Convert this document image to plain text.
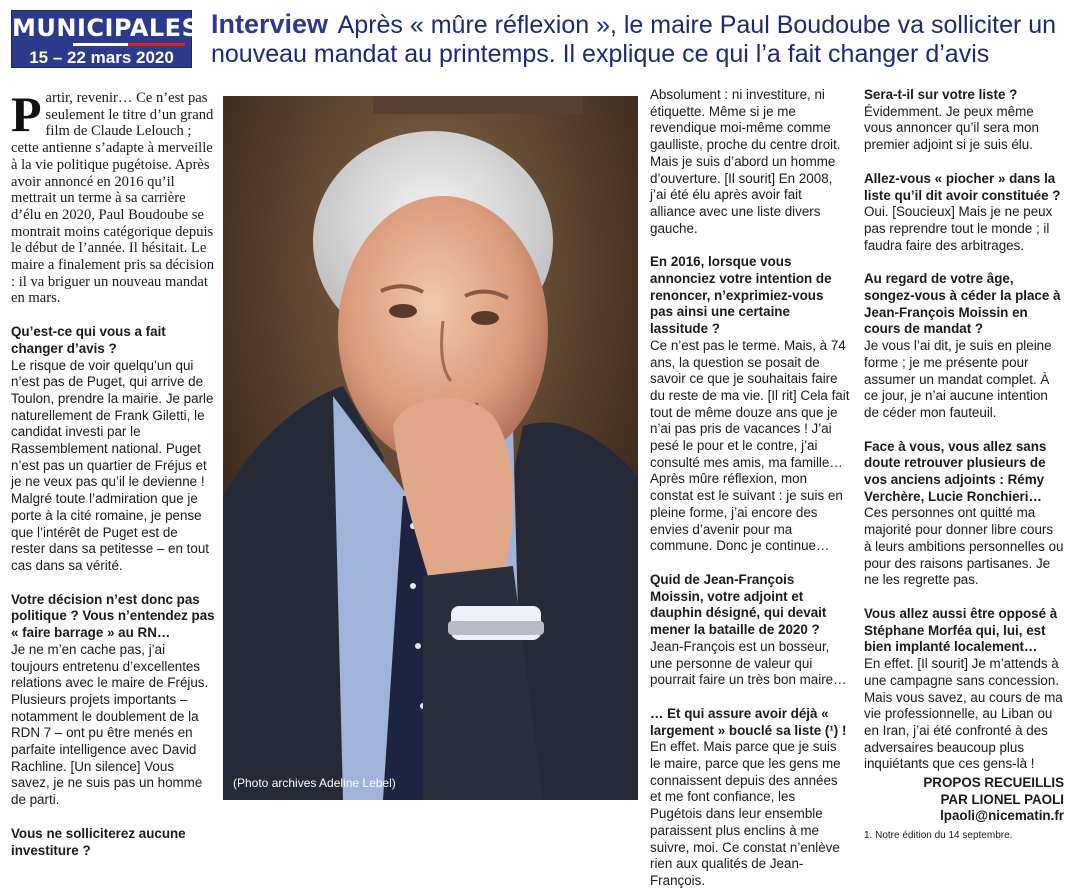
MUNICIPALES
15 – 22 mars 2020
Interview Après « mûre réflexion », le maire Paul Boudoube va solliciter un nouveau mandat au printemps. Il explique ce qui l’a fait changer d’avis

Partir, revenir… Ce n’est pas seulement le titre d’un grand film de Claude Lelouch ; cette antienne s’adapte à merveille à la vie politique pugétoise. Après avoir annoncé en 2016 qu’il mettrait un terme à sa carrière d’élu en 2020, Paul Boudoube se montrait moins catégorique depuis le début de l’année. Il hésitait. Le maire a finalement pris sa décision : il va briguer un nouveau mandat en mars.

Qu’est-ce qui vous a fait changer d’avis ?

Le risque de voir quelqu’un qui n’est pas de Puget, qui arrive de Toulon, prendre la mairie. Je parle naturellement de Frank Giletti, le candidat investi par le Rassemblement national. Puget n’est pas un quartier de Fréjus et je ne veux pas qu’il le devienne ! Malgré toute l’admiration que je porte à la cité romaine, je pense que l’intérêt de Puget est de rester dans sa petitesse – en tout cas dans sa vérité.

Votre décision n’est donc pas politique ? Vous n’entendez pas « faire barrage » au RN…

Je ne m’en cache pas, j’ai toujours entretenu d’excellentes relations avec le maire de Fréjus. Plusieurs projets importants – notamment le doublement de la RDN 7 – ont pu être menés en parfaite intelligence avec David Rachline. [Un silence] Vous savez, je ne suis pas un homme de parti.

Vous ne solliciterez aucune investiture ?

(Photo archives Adeline Lebel)

Absolument : ni investiture, ni étiquette. Même si je me revendique moi-même comme gaulliste, proche du centre droit. Mais je suis d’abord un homme d’ouverture. [Il sourit] En 2008, j’ai été élu après avoir fait alliance avec une liste divers gauche.

En 2016, lorsque vous annonciez votre intention de renoncer, n’exprimiez-vous pas ainsi une certaine lassitude ?

Ce n’est pas le terme. Mais, à 74 ans, la question se posait de savoir ce que je souhaitais faire du reste de ma vie. [Il rit] Cela fait tout de même douze ans que je n’ai pas pris de vacances ! J’ai pesé le pour et le contre, j’ai consulté mes amis, ma famille… Après mûre réflexion, mon constat est le suivant : je suis en pleine forme, j’ai encore des envies d’avenir pour ma commune. Donc je continue…

Quid de Jean-François Moissin, votre adjoint et dauphin désigné, qui devait mener la bataille de 2020 ?

Jean-François est un bosseur, une personne de valeur qui pourrait faire un très bon maire…

… Et qui assure avoir déjà « largement » bouclé sa liste (¹) !

En effet. Mais parce que je suis le maire, parce que les gens me connaissent depuis des années et me font confiance, les Pugétois dans leur ensemble paraissent plus enclins à me suivre, moi. Ce constat n’enlève rien aux qualités de Jean-François.

Sera-t-il sur votre liste ?

Évidemment. Je peux même vous annoncer qu’il sera mon premier adjoint si je suis élu.

Allez-vous « piocher » dans la liste qu’il dit avoir constituée ?

Oui. [Soucieux] Mais je ne peux pas reprendre tout le monde ; il faudra faire des arbitrages.

Au regard de votre âge, songez-vous à céder la place à Jean-François Moissin en cours de mandat ?

Je vous l’ai dit, je suis en pleine forme ; je me présente pour assumer un mandat complet. À ce jour, je n’ai aucune intention de céder mon fauteuil.

Face à vous, vous allez sans doute retrouver plusieurs de vos anciens adjoints : Rémy Verchère, Lucie Ronchieri…

Ces personnes ont quitté ma majorité pour donner libre cours à leurs ambitions personnelles ou pour des raisons partisanes. Je ne les regrette pas.

Vous allez aussi être opposé à Stéphane Morféa qui, lui, est bien implanté localement…

En effet. [Il sourit] Je m’attends à une campagne sans concession. Mais vous savez, au cours de ma vie professionnelle, au Liban ou en Iran, j’ai été confronté à des adversaires beaucoup plus inquiétants que ces gens-là !

PROPOS RECUEILLIS

PAR LIONEL PAOLI

lpaoli@nicematin.fr

1. Notre édition du 14 septembre.
